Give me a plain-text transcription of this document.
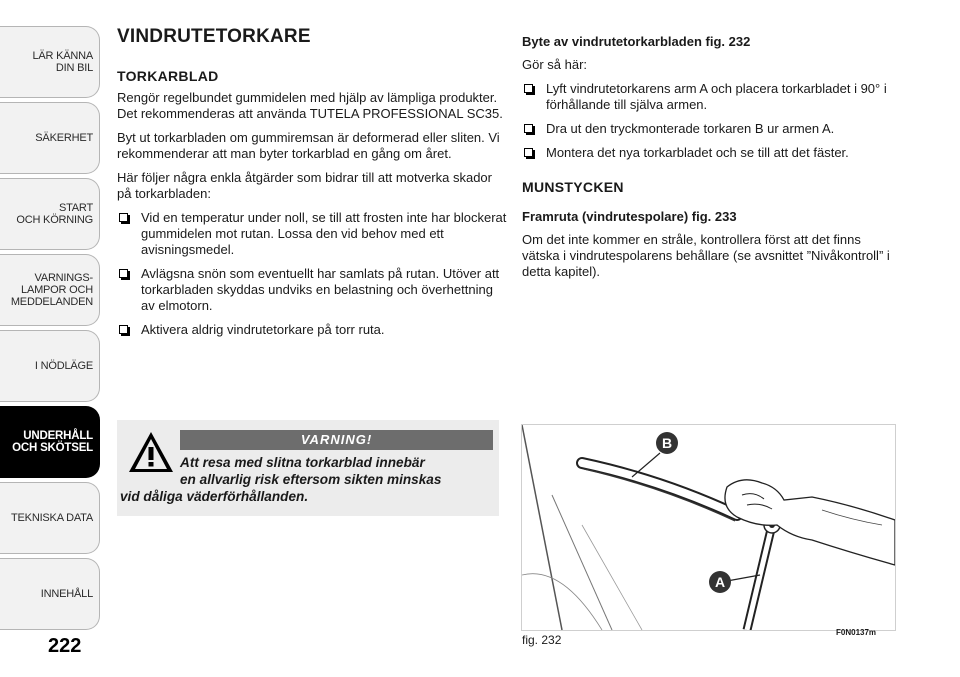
LÄR KÄNNA
DIN BIL
SÄKERHET
START
OCH KÖRNING
VARNINGS-
LAMPOR OCH
MEDDELANDEN
I NÖDLÄGE
UNDERHÅLL
OCH SKÖTSEL
TEKNISKA DATA
INNEHÅLL
222
VINDRUTETORKARE
TORKARBLAD

Rengör regelbundet gummidelen med hjälp av lämpliga produkter. Det rekommenderas att använda TUTELA PROFESSIONAL SC35.

Byt ut torkarbladen om gummiremsan är deformerad eller sliten. Vi rekommenderar att man byter torkarblad en gång om året.

Här följer några enkla åtgärder som bidrar till att motverka skador på torkarbladen:

Vid en temperatur under noll, se till att frosten inte har blockerat gummidelen mot rutan. Lossa den vid behov med ett avisningsmedel.
Avlägsna snön som eventuellt har samlats på rutan. Utöver att torkarbladen skyddas undviks en belastning och överhettning av elmotorn.
Aktivera aldrig vindrutetorkare på torr ruta.
VARNING!
Att resa med slitna torkarblad innebär
en allvarlig risk eftersom sikten minskas
vid dåliga väderförhållanden.
Byte av vindrutetorkarbladen fig. 232

Gör så här:

Lyft vindrutetorkarens arm A och placera torkarbladet i 90° i förhållande till själva armen.
Dra ut den tryckmonterade torkaren B ur armen A.
Montera det nya torkarbladet och se till att det fäster.
MUNSTYCKEN
Framruta (vindrutespolare) fig. 233

Om det inte kommer en stråle, kontrollera först att det finns vätska i vindrutespolarens behållare (se avsnittet ”Nivåkontroll” i detta kapitel).

B
A
fig. 232
F0N0137m
